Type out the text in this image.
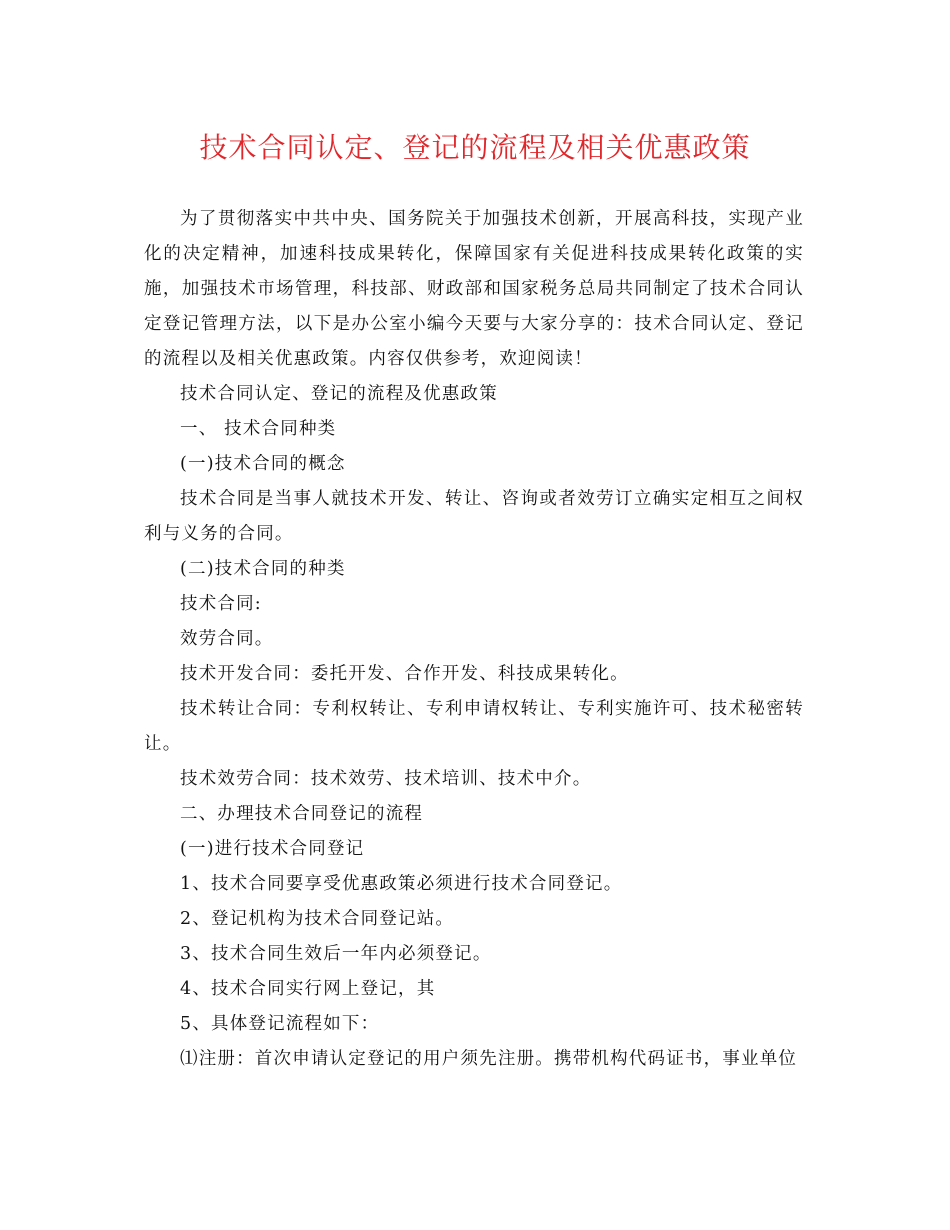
技术合同认定、登记的流程及相关优惠政策

为了贯彻落实中共中央、国务院关于加强技术创新，开展高科技，实现产业化的决定精神，加速科技成果转化，保障国家有关促进科技成果转化政策的实施，加强技术市场管理，科技部、财政部和国家税务总局共同制定了技术合同认定登记管理方法，以下是办公室小编今天要与大家分享的：技术合同认定、登记的流程以及相关优惠政策。内容仅供参考，欢迎阅读！

技术合同认定、登记的流程及优惠政策

一、 技术合同种类

(一)技术合同的概念

技术合同是当事人就技术开发、转让、咨询或者效劳订立确实定相互之间权利与义务的合同。

(二)技术合同的种类

技术合同:

效劳合同。

技术开发合同：委托开发、合作开发、科技成果转化。

技术转让合同：专利权转让、专利申请权转让、专利实施许可、技术秘密转让。

技术效劳合同：技术效劳、技术培训、技术中介。

二、办理技术合同登记的流程

(一)进行技术合同登记

1、技术合同要享受优惠政策必须进行技术合同登记。

2、登记机构为技术合同登记站。

3、技术合同生效后一年内必须登记。

4、技术合同实行网上登记，其

5、具体登记流程如下：

⑴注册：首次申请认定登记的用户须先注册。携带机构代码证书，事业单位
